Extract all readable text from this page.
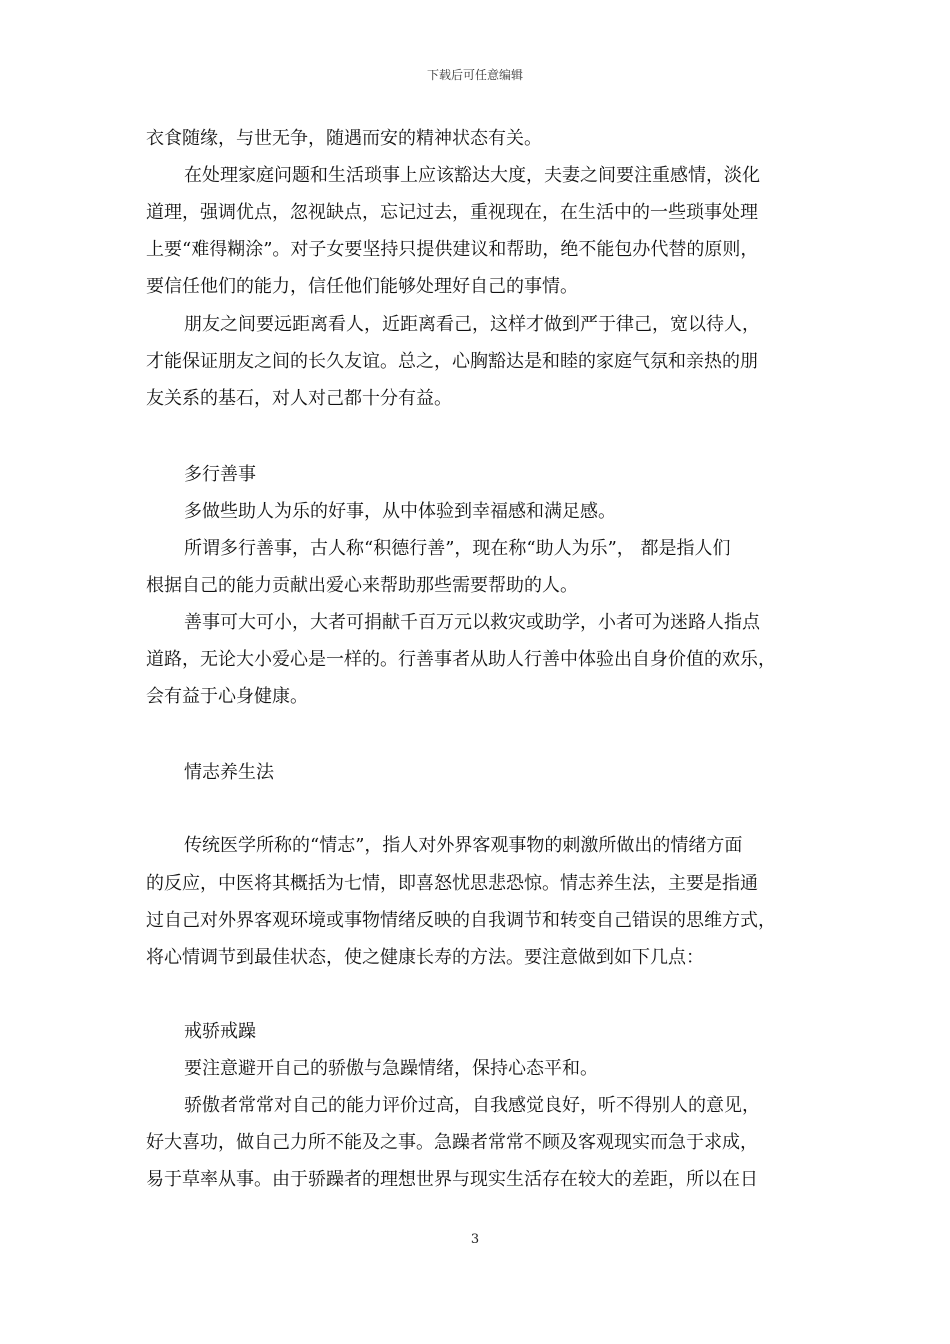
下载后可任意编辑
衣食随缘，与世无争，随遇而安的精神状态有关。
在处理家庭问题和生活琐事上应该豁达大度，夫妻之间要注重感情，淡化
道理，强调优点，忽视缺点，忘记过去，重视现在，在生活中的一些琐事处理
上要“难得糊涂”。对子女要坚持只提供建议和帮助，绝不能包办代替的原则，
要信任他们的能力，信任他们能够处理好自己的事情。
朋友之间要远距离看人，近距离看己，这样才做到严于律己，宽以待人，
才能保证朋友之间的长久友谊。总之，心胸豁达是和睦的家庭气氛和亲热的朋
友关系的基石，对人对己都十分有益。
多行善事
多做些助人为乐的好事，从中体验到幸福感和满足感。
所谓多行善事，古人称“积德行善”，现在称“助人为乐”， 都是指人们
根据自己的能力贡献出爱心来帮助那些需要帮助的人。
善事可大可小，大者可捐献千百万元以救灾或助学，小者可为迷路人指点
道路，无论大小爱心是一样的。行善事者从助人行善中体验出自身价值的欢乐，
会有益于心身健康。
情志养生法
传统医学所称的“情志”，指人对外界客观事物的刺激所做出的情绪方面
的反应，中医将其概括为七情，即喜怒忧思悲恐惊。情志养生法，主要是指通
过自己对外界客观环境或事物情绪反映的自我调节和转变自己错误的思维方式，
将心情调节到最佳状态，使之健康长寿的方法。要注意做到如下几点：
戒骄戒躁
要注意避开自己的骄傲与急躁情绪，保持心态平和。
骄傲者常常对自己的能力评价过高，自我感觉良好，听不得别人的意见，
好大喜功，做自己力所不能及之事。急躁者常常不顾及客观现实而急于求成，
易于草率从事。由于骄躁者的理想世界与现实生活存在较大的差距，所以在日
3
